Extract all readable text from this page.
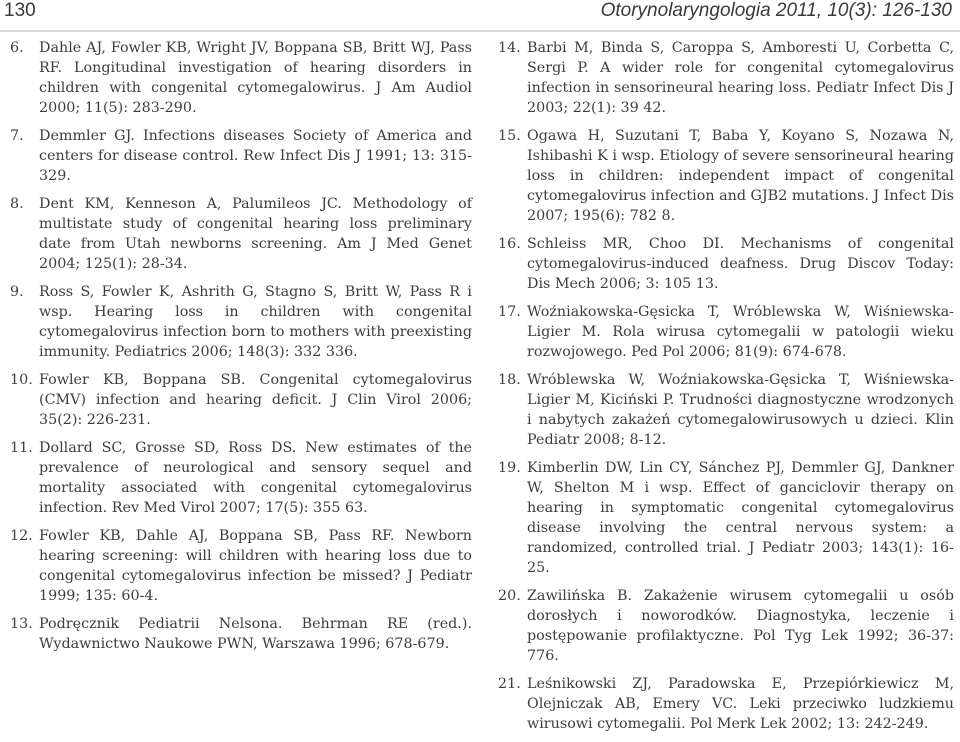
130	Otorynolaryngologia 2011, 10(3): 126-130
6.	Dahle AJ, Fowler KB, Wright JV, Boppana SB, Britt WJ, Pass RF. Longitudinal investigation of hearing disorders in children with congenital cytomegalowirus. J Am Audiol 2000; 11(5): 283-290.
7.	Demmler GJ. Infections diseases Society of America and centers for disease control. Rew Infect Dis J 1991; 13: 315-329.
8.	Dent KM, Kenneson A, Palumileos JC. Methodology of multistate study of congenital hearing loss preliminary date from Utah newborns screening. Am J Med Genet 2004; 125(1): 28-34.
9.	Ross S, Fowler K, Ashrith G, Stagno S, Britt W, Pass R i wsp. Hearing loss in children with congenital cytomegalovirus infection born to mothers with preexisting immunity. Pediatrics 2006; 148(3): 332 336.
10. Fowler KB, Boppana SB. Congenital cytomegalovirus (CMV) infection and hearing deficit. J Clin Virol 2006; 35(2): 226-231.
11. Dollard SC, Grosse SD, Ross DS. New estimates of the prevalence of neurological and sensory sequel and mortality associated with congenital cytomegalovirus infection. Rev Med Virol 2007; 17(5): 355 63.
12. Fowler KB, Dahle AJ, Boppana SB, Pass RF. Newborn hearing screening: will children with hearing loss due to congenital cytomegalovirus infection be missed? J Pediatr 1999; 135: 60-4.
13. Podręcznik Pediatrii Nelsona. Behrman RE (red.). Wydawnictwo Naukowe PWN, Warszawa 1996; 678-679.
14. Barbi M, Binda S, Caroppa S, Amboresti U, Corbetta C, Sergi P. A wider role for congenital cytomegalovirus infection in sensorineural hearing loss. Pediatr Infect Dis J 2003; 22(1): 39 42.
15. Ogawa H, Suzutani T, Baba Y, Koyano S, Nozawa N, Ishibashi K i wsp. Etiology of severe sensorineural hearing loss in children: independent impact of congenital cytomegalovirus infection and GJB2 mutations. J Infect Dis 2007; 195(6): 782 8.
16. Schleiss MR, Choo DI. Mechanisms of congenital cytomegalovirus-induced deafness. Drug Discov Today: Dis Mech 2006; 3: 105 13.
17. Woźniakowska-Gęsicka T, Wróblewska W, Wiśniewska-Ligier M. Rola wirusa cytomegalii w patologii wieku rozwojowego. Ped Pol 2006; 81(9): 674-678.
18. Wróblewska W, Woźniakowska-Gęsicka T, Wiśniewska-Ligier M, Kiciński P. Trudności diagnostyczne wrodzonych i nabytych zakażeń cytomegalowirusowych u dzieci. Klin Pediatr 2008; 8-12.
19. Kimberlin DW, Lin CY, Sánchez PJ, Demmler GJ, Dankner W, Shelton M i wsp. Effect of ganciclovir therapy on hearing in symptomatic congenital cytomegalovirus disease involving the central nervous system: a randomized, controlled trial. J Pediatr 2003; 143(1): 16-25.
20. Zawilińska B. Zakażenie wirusem cytomegalii u osób dorosłych i noworodków. Diagnostyka, leczenie i postępowanie profilaktyczne. Pol Tyg Lek 1992; 36-37: 776.
21. Leśnikowski ZJ, Paradowska E, Przepiórkiewicz M, Olejniczak AB, Emery VC. Leki przeciwko ludzkiemu wirusowi cytomegalii. Pol Merk Lek 2002; 13: 242-249.
